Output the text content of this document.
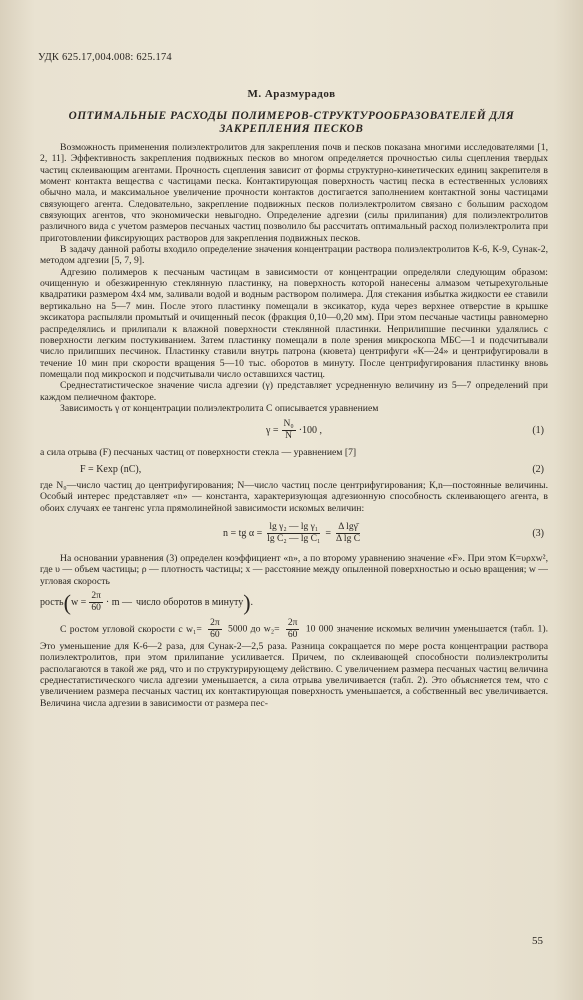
УДК 625.17,004.008: 625.174
М. Аразмурадов
ОПТИМАЛЬНЫЕ РАСХОДЫ ПОЛИМЕРОВ-СТРУКТУРООБРАЗОВАТЕЛЕЙ ДЛЯ ЗАКРЕПЛЕНИЯ ПЕСКОВ

Возможность применения полиэлектролитов для закрепления почв и песков показана многими исследователями [1, 2, 11]. Эффективность закрепления подвижных песков во многом определяется прочностью силы сцепления твердых частиц склеивающим агентами. Прочность сцепления зависит от формы структурно-кинетических единиц закрепителя в момент контакта вещества с частицами песка. Контактирующая поверхность частиц песка в естественных условиях обычно мала, и максимальное увеличение прочности контактов достигается заполнением контактной зоны частицами связующего агента. Следовательно, закрепление подвижных песков полиэлектролитом связано с большим расходом связующих агентов, что экономически невыгодно. Определение адгезии (силы прилипания) для полиэлектролитов различного вида с учетом размеров песчаных частиц позволило бы рассчитать оптимальный расход полиэлектролита при приготовлении фиксирующих растворов для закрепления подвижных песков.

В задачу данной работы входило определение значения концентрации раствора полиэлектролитов К-6, К-9, Сунак-2, методом адгезии [5, 7, 9].

Адгезию полимеров к песчаным частицам в зависимости от концентрации определяли следующим образом: очищенную и обезжиренную стеклянную пластинку, на поверхность которой нанесены алмазом четырехугольные квадратики размером 4х4 мм, заливали водой и водным раствором полимера. Для стекания избытка жидкости ее ставили вертикально на 5—7 мин. После этого пластинку помещали в эксикатор, куда через верхнее отверстие в крышке эксикатора распыляли промытый и очищенный песок (фракция 0,10—0,20 мм). При этом песчаные частицы равномерно распределялись и прилипали к влажной поверхности стеклянной пластинки. Неприлипшие песчинки удалялись с поверхности легким постукиванием. Затем пластинку помещали в поле зрения микроскопа МБС—1 и подсчитывали число прилипших песчинок. Пластинку ставили внутрь патрона (кювета) центрифуги «К—24» и центрифугировали в течение 10 мин при скорости вращения 5—10 тыс. оборотов в минуту. После центрифугирования пластинку вновь помещали под микроскоп и подсчитывали число оставшихся частиц.

Среднестатистическое значение числа адгезии (γ) представляет усредненную величину из 5—7 определений при каждом пелиечном факторе.

Зависимость γ от концентрации полиэлектролита С описывается уравнением

$\gamma = \frac{\text{N₀}}{N} \cdot 100$ ,	(1)

а сила отрыва (F) песчаных частиц от поверхности стекла — уравнением [7]

F = Kexp (nC),	(2)

где N₀—число частиц до центрифугирования; N—число частиц после центрифугирования; К,n—постоянные величины. Особый интерес представляет «n» — константа, характеризующая адгезионную способность склеивающего агента, в обоих случаях ее тангенс угла прямолинейной зависимости искомых величин:

n = tg $\alpha = \frac{\text{lg γ₂ — lg γ₁}}{\text{lg C₂ — lg C₁}} = \frac{\text{Δ lgγ̄}}{\text{Δ lg C}}$	(3)

На основании уравнения (3) определен коэффициент «n», а по второму уравнению значение «F». При этом К=υρxw², где υ — объем частицы; ρ — плотность частицы; x — расстояние между опыленной поверхностью и осью вращения; w — угловая скорость

рость ( $w = \frac{2\pi}{60} \cdot m$ — число оборотов в минуту ) .

С ростом угловой скорости с $w_1= \frac{2\pi}{60} 5000$ до $w_2= \frac{2\pi}{60} 10$ 000 значение искомых величин уменьшается (табл. 1). Это уменьшение для К-6—2 раза, для Сунак-2—2,5 раза. Разница сокращается по мере роста концентрации раствора полиэлектролитов, при этом прилипание усиливается. Причем, по склеивающей способности полиэлектролиты располагаются в такой же ряд, что и по структурирующему действию. С увеличением размера песчаных частиц величина среднестатистического числа адгезии уменьшается, а сила отрыва увеличивается (табл. 2). Это объясняется тем, что с увеличением размера песчаных частиц их контактирующая поверхность уменьшается, а собственный вес увеличивается. Величина числа адгезии в зависимости от размера пес-

55
